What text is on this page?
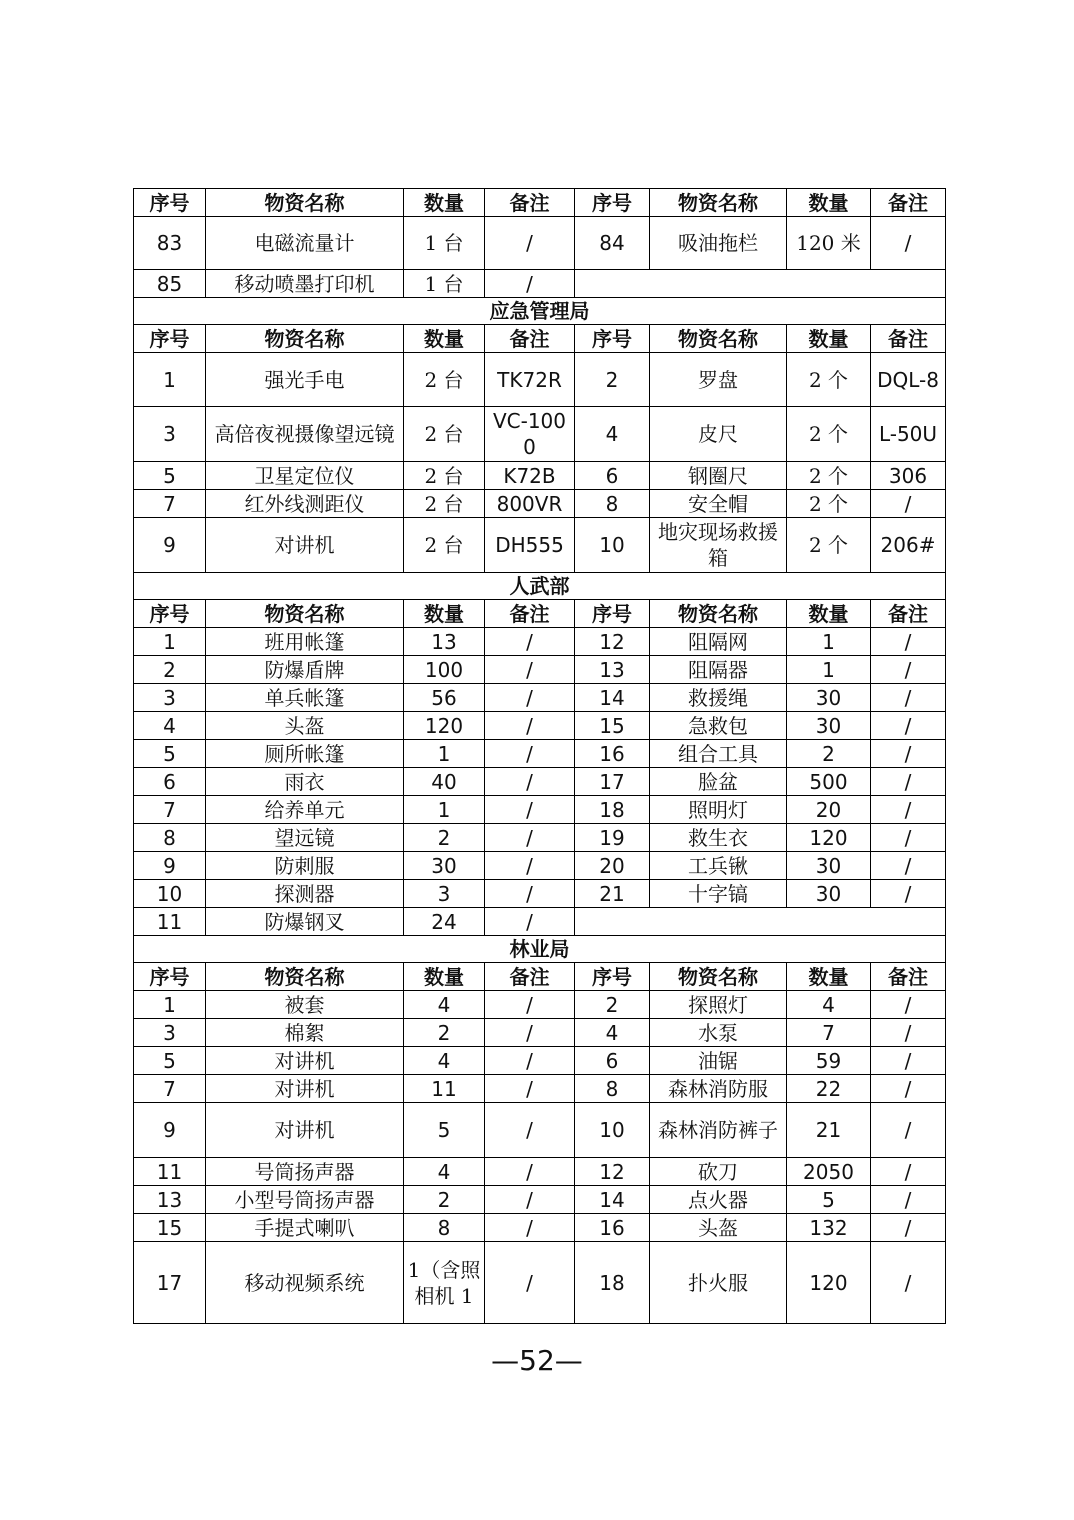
序号	物资名称	数量	备注	序号	物资名称	数量	备注
83	电磁流量计	1 台	/	84	吸油拖栏	120 米	/
85	移动喷墨打印机	1 台	/				
应急管理局							
序号	物资名称	数量	备注	序号	物资名称	数量	备注
1	强光手电	2 台	TK72R	2	罗盘	2 个	DQL-8
3	高倍夜视摄像望远镜	2 台	VC-1000	4	皮尺	2 个	L-50U
5	卫星定位仪	2 台	K72B	6	钢圈尺	2 个	306
7	红外线测距仪	2 台	800VR	8	安全帽	2 个	/
9	对讲机	2 台	DH555	10	地灾现场救援箱	2 个	206#
人武部							
序号	物资名称	数量	备注	序号	物资名称	数量	备注
1	班用帐篷	13	/	12	阻隔网	1	/
2	防爆盾牌	100	/	13	阻隔器	1	/
3	单兵帐篷	56	/	14	救援绳	30	/
4	头盔	120	/	15	急救包	30	/
5	厕所帐篷	1	/	16	组合工具	2	/
6	雨衣	40	/	17	脸盆	500	/
7	给养单元	1	/	18	照明灯	20	/
8	望远镜	2	/	19	救生衣	120	/
9	防刺服	30	/	20	工兵锹	30	/
10	探测器	3	/	21	十字镐	30	/
11	防爆钢叉	24	/				
林业局							
序号	物资名称	数量	备注	序号	物资名称	数量	备注
1	被套	4	/	2	探照灯	4	/
3	棉絮	2	/	4	水泵	7	/
5	对讲机	4	/	6	油锯	59	/
7	对讲机	11	/	8	森林消防服	22	/
9	对讲机	5	/	10	森林消防裤子	21	/
11	号筒扬声器	4	/	12	砍刀	2050	/
13	小型号筒扬声器	2	/	14	点火器	5	/
15	手提式喇叭	8	/	16	头盔	132	/
17	移动视频系统	1（含照相机 1	/	18	扑火服	120	/
—52—
